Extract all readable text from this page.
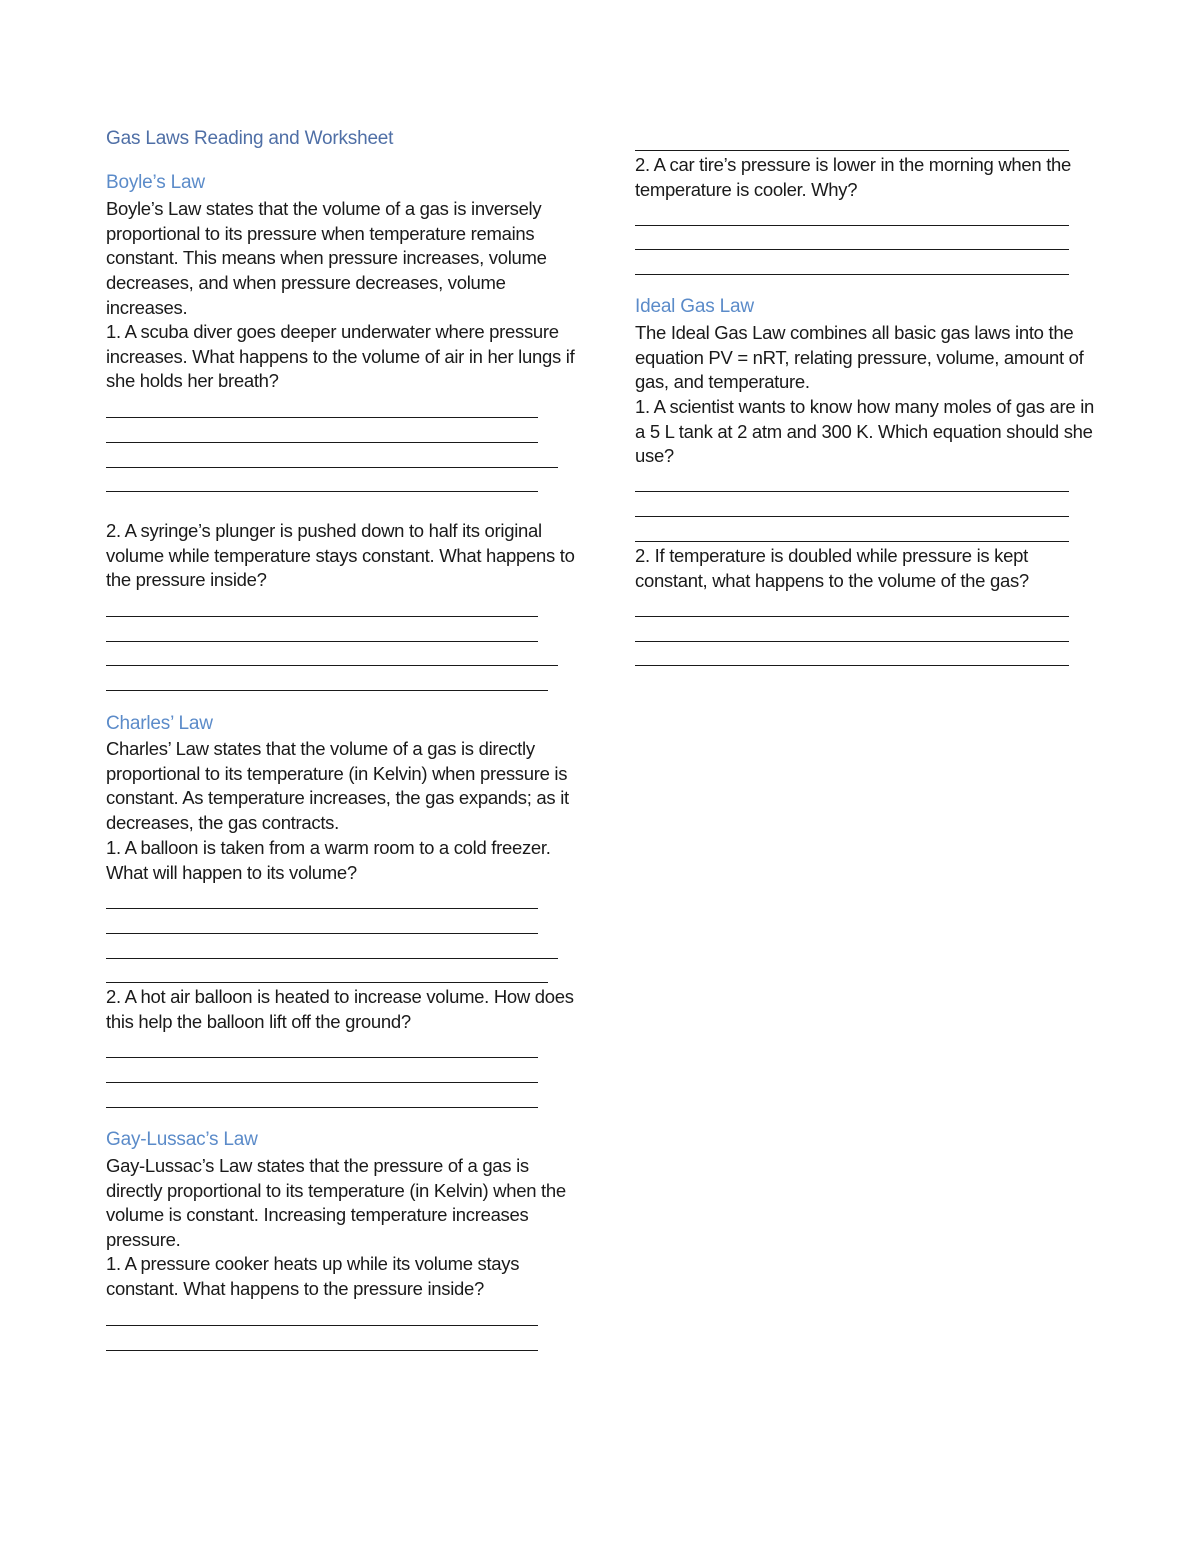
Gas Laws Reading and Worksheet
Boyle’s Law

Boyle’s Law states that the volume of a gas is inversely proportional to its pressure when temperature remains constant. This means when pressure increases, volume decreases, and when pressure decreases, volume increases.

1. A scuba diver goes deeper underwater where pressure increases. What happens to the volume of air in her lungs if she holds her breath?

2. A syringe’s plunger is pushed down to half its original volume while temperature stays constant. What happens to the pressure inside?

Charles’ Law

Charles’ Law states that the volume of a gas is directly proportional to its temperature (in Kelvin) when pressure is constant. As temperature increases, the gas expands; as it decreases, the gas contracts.

1. A balloon is taken from a warm room to a cold freezer. What will happen to its volume?

2. A hot air balloon is heated to increase volume. How does this help the balloon lift off the ground?

Gay-Lussac’s Law

Gay-Lussac’s Law states that the pressure of a gas is directly proportional to its temperature (in Kelvin) when the volume is constant. Increasing temperature increases pressure.

1. A pressure cooker heats up while its volume stays constant. What happens to the pressure inside?

2. A car tire’s pressure is lower in the morning when the temperature is cooler. Why?

Ideal Gas Law

The Ideal Gas Law combines all basic gas laws into the equation PV = nRT, relating pressure, volume, amount of gas, and temperature.

1. A scientist wants to know how many moles of gas are in a 5 L tank at 2 atm and 300 K. Which equation should she use?

2. If temperature is doubled while pressure is kept constant, what happens to the volume of the gas?
